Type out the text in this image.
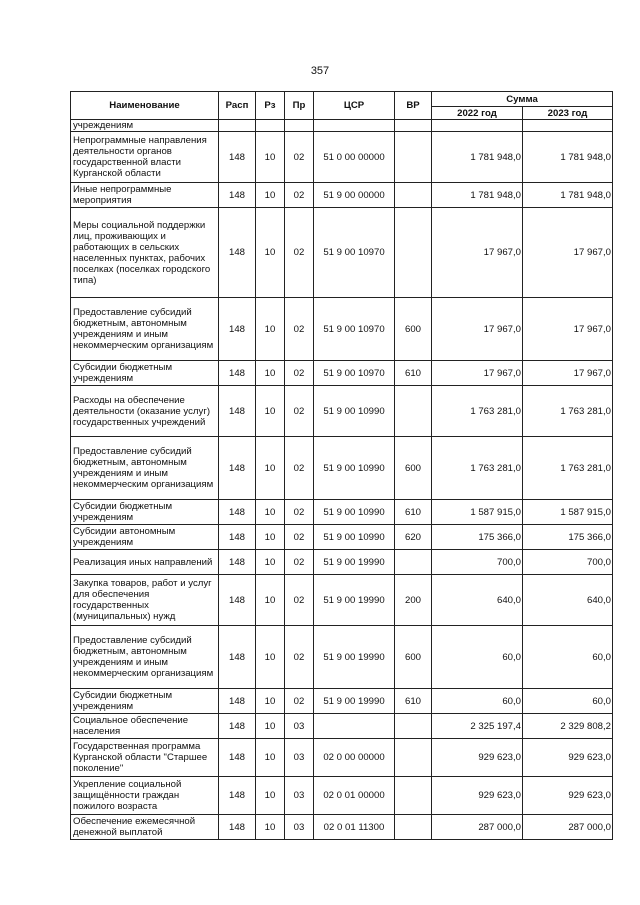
357
Наименование	Расп	Рз	Пр	ЦСР	ВР	Сумма	
						2022 год	2023 год
учреждениям							
Непрограммные направления деятельности органов государственной власти Курганской области	148	10	02	51 0 00 00000		1 781 948,0	1 781 948,0
Иные непрограммные мероприятия	148	10	02	51 9 00 00000		1 781 948,0	1 781 948,0
Меры социальной поддержки лиц, проживающих и работающих в сельских населенных пунктах, рабочих поселках (поселках городского типа)	148	10	02	51 9 00 10970		17 967,0	17 967,0
Предоставление субсидий бюджетным, автономным учреждениям и иным некоммерческим организациям	148	10	02	51 9 00 10970	600	17 967,0	17 967,0
Субсидии бюджетным учреждениям	148	10	02	51 9 00 10970	610	17 967,0	17 967,0
Расходы на обеспечение деятельности (оказание услуг) государственных учреждений	148	10	02	51 9 00 10990		1 763 281,0	1 763 281,0
Предоставление субсидий бюджетным, автономным учреждениям и иным некоммерческим организациям	148	10	02	51 9 00 10990	600	1 763 281,0	1 763 281,0
Субсидии бюджетным учреждениям	148	10	02	51 9 00 10990	610	1 587 915,0	1 587 915,0
Субсидии автономным учреждениям	148	10	02	51 9 00 10990	620	175 366,0	175 366,0
Реализация иных направлений	148	10	02	51 9 00 19990		700,0	700,0
Закупка товаров, работ и услуг для обеспечения государственных (муниципальных) нужд	148	10	02	51 9 00 19990	200	640,0	640,0
Предоставление субсидий бюджетным, автономным учреждениям и иным некоммерческим организациям	148	10	02	51 9 00 19990	600	60,0	60,0
Субсидии бюджетным учреждениям	148	10	02	51 9 00 19990	610	60,0	60,0
Социальное обеспечение населения	148	10	03			2 325 197,4	2 329 808,2
Государственная программа Курганской области "Старшее поколение"	148	10	03	02 0 00 00000		929 623,0	929 623,0
Укрепление социальной защищённости граждан пожилого возраста	148	10	03	02 0 01 00000		929 623,0	929 623,0
Обеспечение ежемесячной денежной выплатой	148	10	03	02 0 01 11300		287 000,0	287 000,0
